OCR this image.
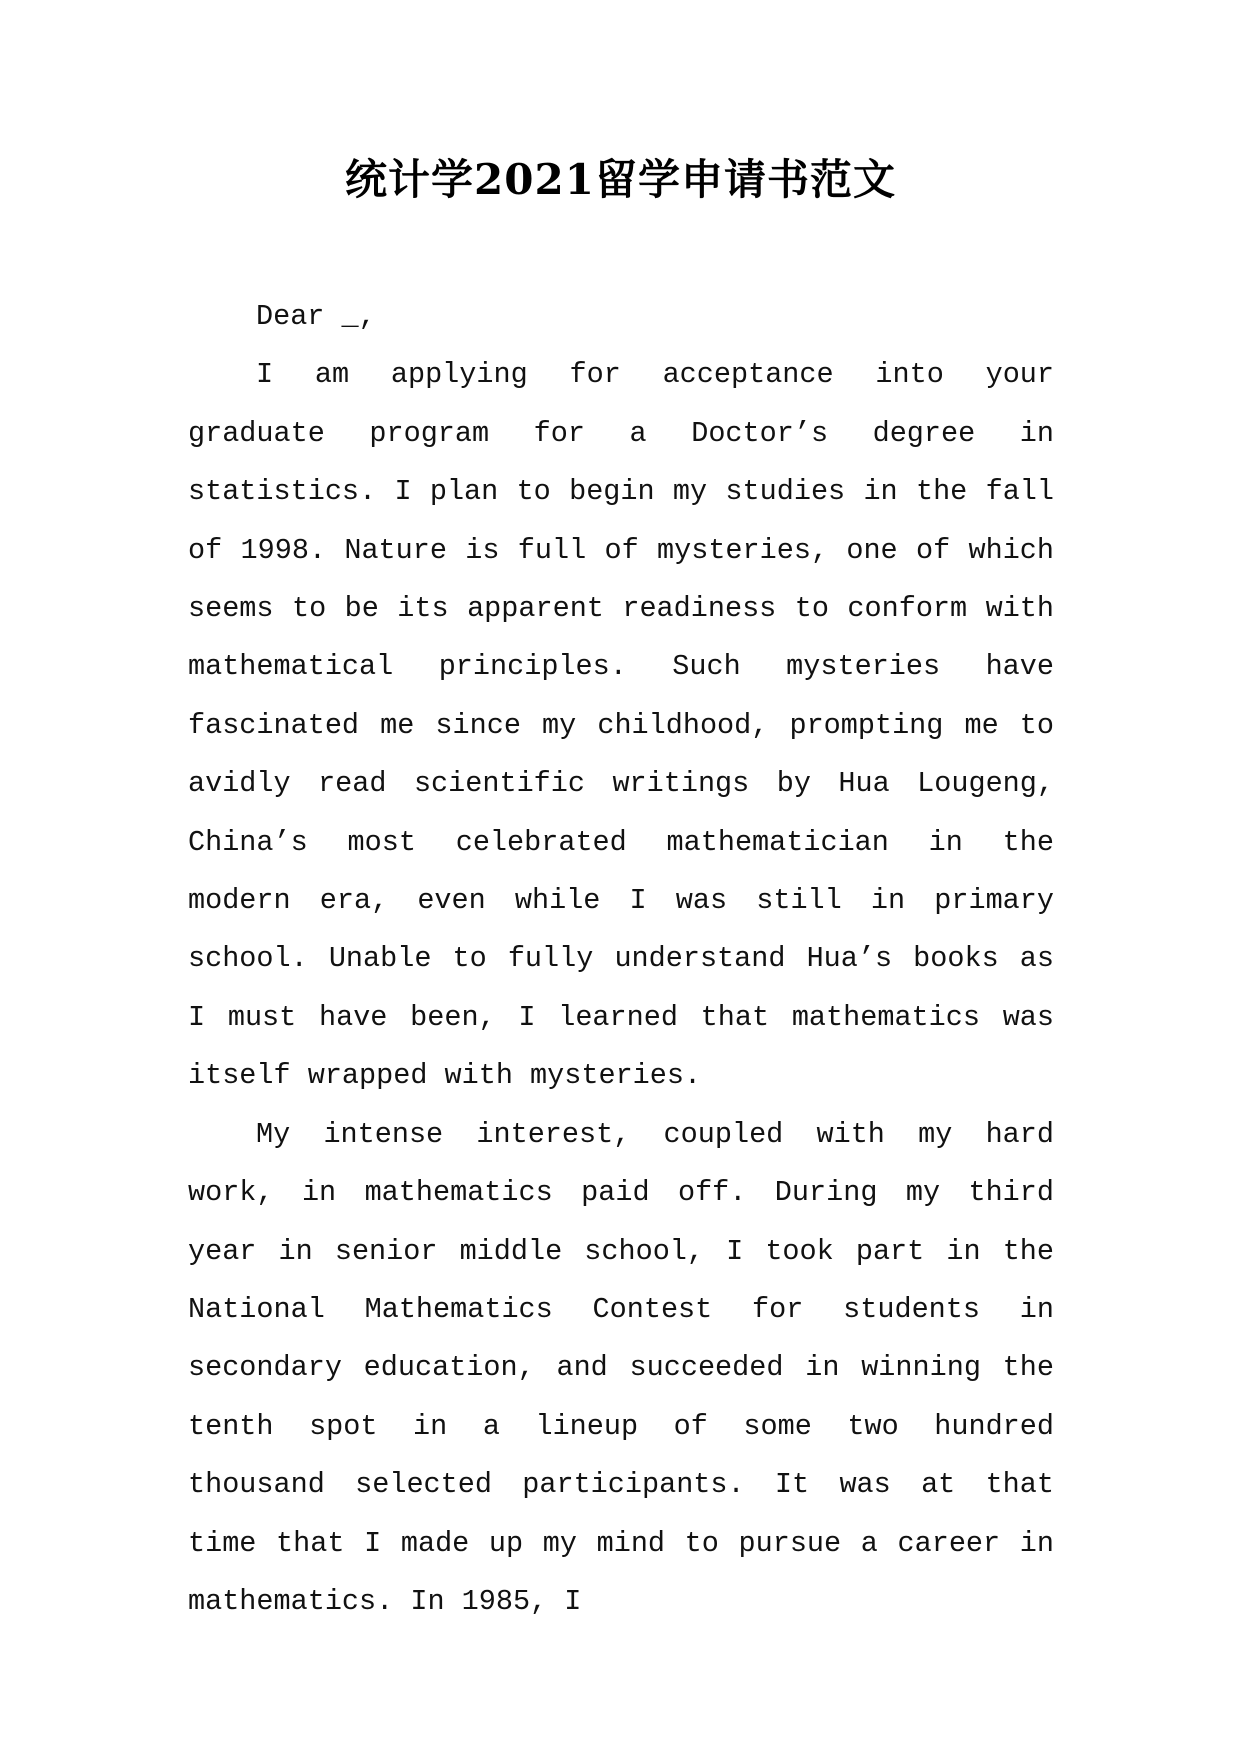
统计学2021留学申请书范文

Dear _,

I am applying for acceptance into your graduate program for a Doctor’s degree in statistics. I plan to begin my studies in the fall of 1998. Nature is full of mysteries, one of which seems to be its apparent readiness to conform with mathematical principles. Such mysteries have fascinated me since my childhood, prompting me to avidly read scientific writings by Hua Lougeng, China’s most celebrated mathematician in the modern era, even while I was still in primary school. Unable to fully understand Hua’s books as I must have been, I learned that mathematics was itself wrapped with mysteries.

My intense interest, coupled with my hard work, in mathematics paid off. During my third year in senior middle school, I took part in the National Mathematics Contest for students in secondary education, and succeeded in winning the tenth spot in a lineup of some two hundred thousand selected participants. It was at that time that I made up my mind to pursue a career in mathematics. In 1985, I
